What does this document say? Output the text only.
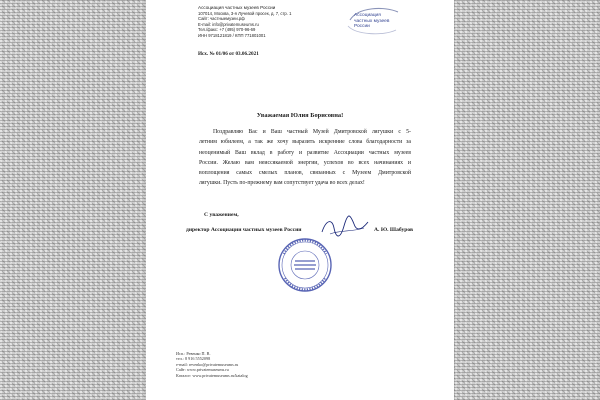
Ассоциация частных музеев России
107014, Москва, 3-я Лучевой просек, д. 7, стр. 1
Сайт: частныемузеи.рф
E-mail: info@privatemuseums.ru
Тел./факс: +7 (495) 970-96-69
ИНН 9718121819 / КПП 771801001
Ассоциация
частных музеев
России
Исх. № 01/06 от 03.06.2021
Уважаемая Юлия Борисовна!
Поздравляю Вас и Ваш частный Музей Дмитровской лягушки с 5-
летним юбилеем, а так же хочу выразить искренние слова благодарности за
неоценимый Ваш вклад в работу и развитие Ассоциации частных музеев
России. Желаю вам неиссякаемой энергии, успехов во всех начинаниях и
воплощения самых смелых планов, связанных с Музеем Дмитровской
лягушки. Пусть по-прежнему вам сопутствует удача во всех делах!
С уважением,
директор Ассоциации частных музеев России	А. Ю. Шабуров
Исп.: Ревенко П. В.
тел.: 8 916 5552098
e-mail: revenko@privatemuseums.ru
Сайт: www.privatemuseums.ru
Каталог: www.privatemuseums.ru/katalog
